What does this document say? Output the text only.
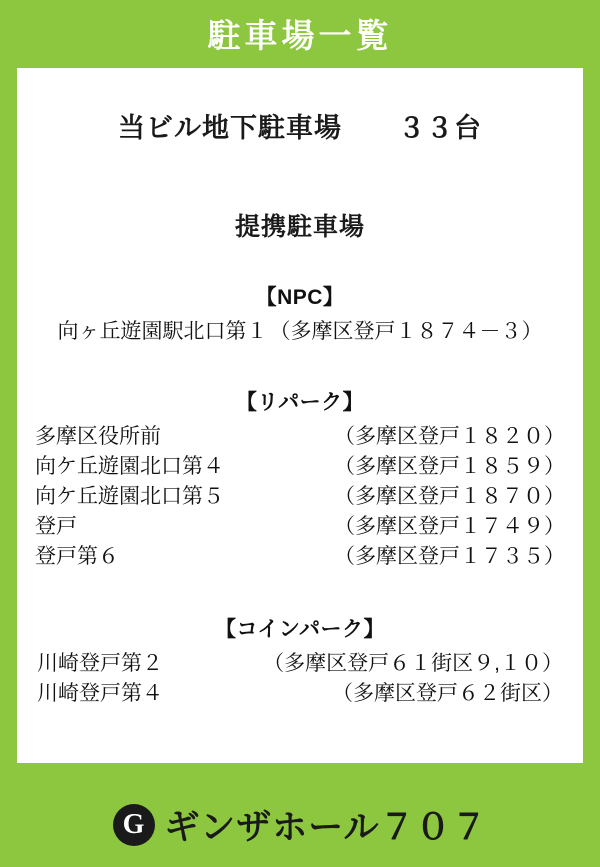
駐車場一覧
当ビル地下駐車場　　３３台
提携駐車場
【NPC】
向ヶ丘遊園駅北口第１ （多摩区登戸１８７４－３）
【リパーク】
多摩区役所前	（多摩区登戸１８２０）
向ケ丘遊園北口第４	（多摩区登戸１８５９）
向ケ丘遊園北口第５	（多摩区登戸１８７０）
登戸	（多摩区登戸１７４９）
登戸第６	（多摩区登戸１７３５）
【コインパーク】
川崎登戸第２	（多摩区登戸６１街区９,１０）
川崎登戸第４	（多摩区登戸６２街区）
G ギンザホール７０７
